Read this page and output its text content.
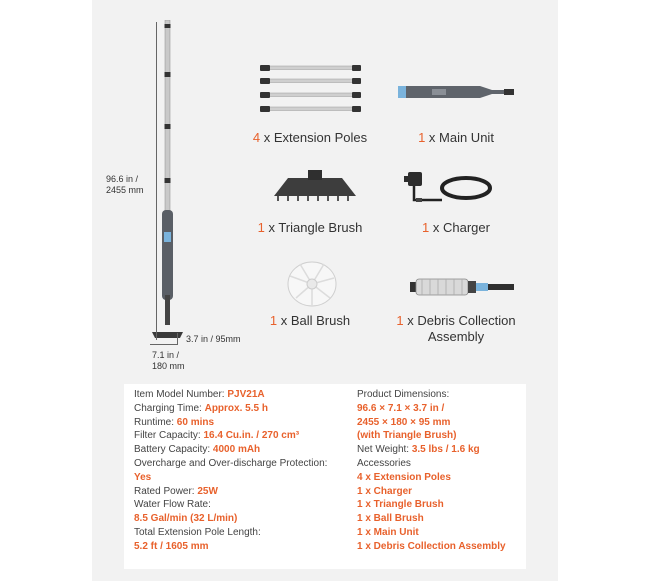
96.6 in /
2455 mm
3.7 in / 95mm
7.1 in /
180 mm
4 x Extension Poles	1 x Main Unit
1 x Triangle Brush	1 x Charger
1 x Ball Brush	1 x Debris Collection
Assembly
Item Model Number: PJV21A
Charging Time: Approx. 5.5 h
Runtime: 60 mins
Filter Capacity: 16.4 Cu.in. / 270 cm³
Battery Capacity: 4000 mAh
Overcharge and Over-discharge Protection:
Yes
Rated Power: 25W
Water Flow Rate:
8.5 Gal/min (32 L/min)
Total Extension Pole Length:
5.2 ft / 1605 mm
Product Dimensions:
96.6 × 7.1 × 3.7 in /
2455 × 180 × 95 mm
(with Triangle Brush)
Net Weight: 3.5 lbs / 1.6 kg
Accessories
4 x Extension Poles
1 x Charger
1 x Triangle Brush
1 x Ball Brush
1 x Main Unit
1 x Debris Collection Assembly
